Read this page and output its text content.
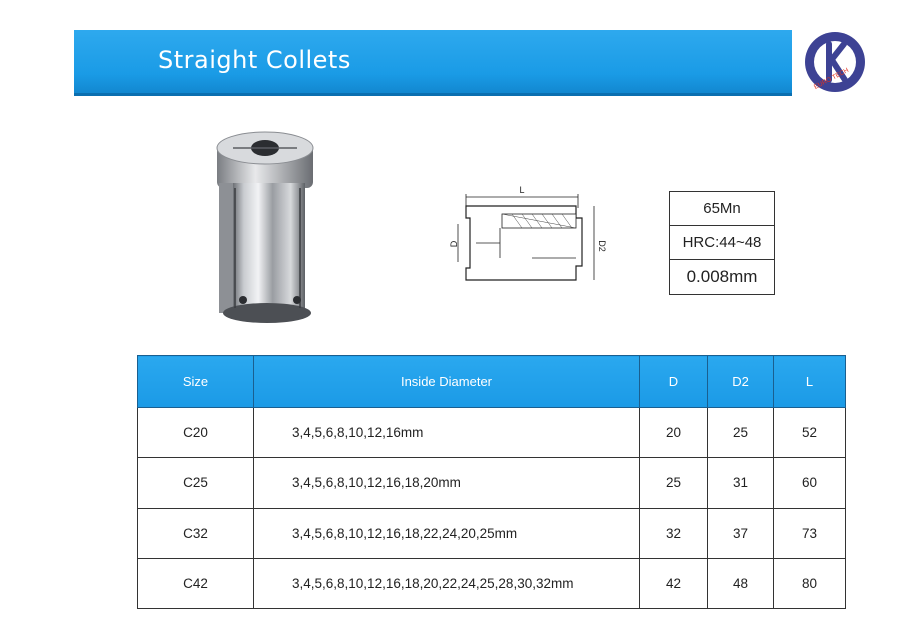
Straight Collets
EURO TECH
L
D	D2
65Mn
HRC:44~48
0.008mm
Size	Inside Diameter	D	D2	L
C20	3,4,5,6,8,10,12,16mm	20	25	52
C25	3,4,5,6,8,10,12,16,18,20mm	25	31	60
C32	3,4,5,6,8,10,12,16,18,22,24,20,25mm	32	37	73
C42	3,4,5,6,8,10,12,16,18,20,22,24,25,28,30,32mm	42	48	80
